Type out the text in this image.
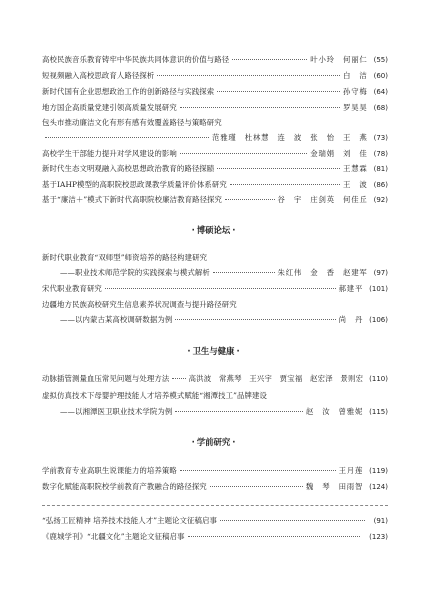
高校民族音乐教育铸牢中华民族共同体意识的价值与路径	叶小玲　何丽仁 (55)
短视频融入高校思政育人路径探析	白　洁 (60)
新时代国有企业思想政治工作的创新路径与实践探索	孙守梅 (64)
地方国企高质量党建引领高质量发展研究	罗昊昊 (68)
包头市推动廉洁文化有形有感有效覆盖路径与策略研究
范雅瑾　杜林慧　连　波　张　怡　王　燕 (73)
高校学生干部能力提升对学风建设的影响	金瑞娟　刘　佳 (78)
新时代生态文明观融入高校思想政治教育的路径探赜	王慧霖 (81)
基于IAHP模型的高职院校思政课教学质量评价体系研究	王　波 (86)
基于“廉洁＋”模式下新时代高职院校廉洁教育路径探究	谷　宇　庄剑英　何佳丘 (92)
· 博硕论坛 ·
新时代职业教育“双师型”师资培养的路径构建研究
——职业技术师范学院的实践探索与模式解析	朱红伟　金　香　赵建军 (97)
宋代职业教育研究	郝建平 (101)
边疆地方民族高校研究生信息素养状况调查与提升路径研究
——以内蒙古某高校调研数据为例	尚　丹 (106)
· 卫生与健康 ·
动脉插管测量血压常见问题与处理方法	高洪波　常燕琴　王兴宇　贾宝福　赵宏泽　景则宏 (110)
虚拟仿真技术下母婴护理技能人才培养模式赋能“湘潭技工”品牌建设
——以湘潭医卫职业技术学院为例	赵　汝　曾雅妮 (115)
· 学前研究 ·
学前教育专业高职生说课能力的培养策略	王月莲 (119)
数字化赋能高职院校学前教育产教融合的路径探究	魏　琴　田雨智 (124)
“弘扬工匠精神 培养技术技能人才”主题论文征稿启事	(91)
《鹿城学刊》“北疆文化”主题论文征稿启事	(123)
